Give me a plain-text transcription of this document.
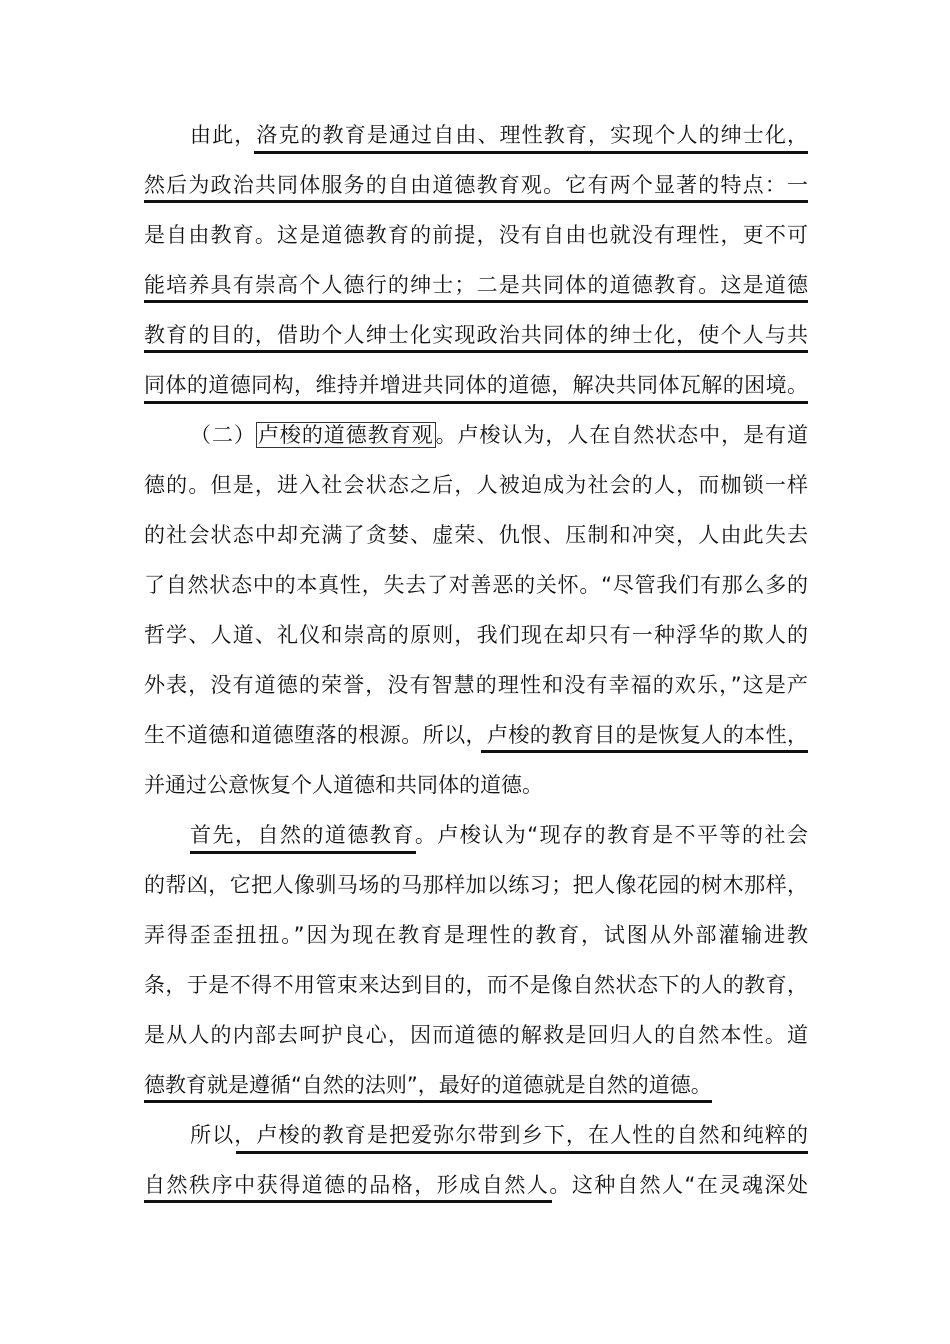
由此，洛克的教育是通过自由、理性教育，实现个人的绅士化，
然后为政治共同体服务的自由道德教育观。它有两个显著的特点：一
是自由教育。这是道德教育的前提，没有自由也就没有理性，更不可
能培养具有崇高个人德行的绅士；二是共同体的道德教育。这是道德
教育的目的，借助个人绅士化实现政治共同体的绅士化，使个人与共
同体的道德同构，维持并增进共同体的道德，解决共同体瓦解的困境。
（二）卢梭的道德教育观。卢梭认为，人在自然状态中，是有道
德的。但是，进入社会状态之后，人被迫成为社会的人，而枷锁一样
的社会状态中却充满了贪婪、虚荣、仇恨、压制和冲突，人由此失去
了自然状态中的本真性，失去了对善恶的关怀。“尽管我们有那么多的
哲学、人道、礼仪和崇高的原则，我们现在却只有一种浮华的欺人的
外表，没有道德的荣誉，没有智慧的理性和没有幸福的欢乐，”这是产
生不道德和道德堕落的根源。所以，卢梭的教育目的是恢复人的本性，
并通过公意恢复个人道德和共同体的道德。
首先，自然的道德教育。卢梭认为“现存的教育是不平等的社会
的帮凶，它把人像驯马场的马那样加以练习；把人像花园的树木那样，
弄得歪歪扭扭。”因为现在教育是理性的教育，试图从外部灌输进教
条，于是不得不用管束来达到目的，而不是像自然状态下的人的教育，
是从人的内部去呵护良心，因而道德的解救是回归人的自然本性。道
德教育就是遵循“自然的法则”，最好的道德就是自然的道德。
所以，卢梭的教育是把爱弥尔带到乡下，在人性的自然和纯粹的
自然秩序中获得道德的品格，形成自然人。这种自然人“在灵魂深处
